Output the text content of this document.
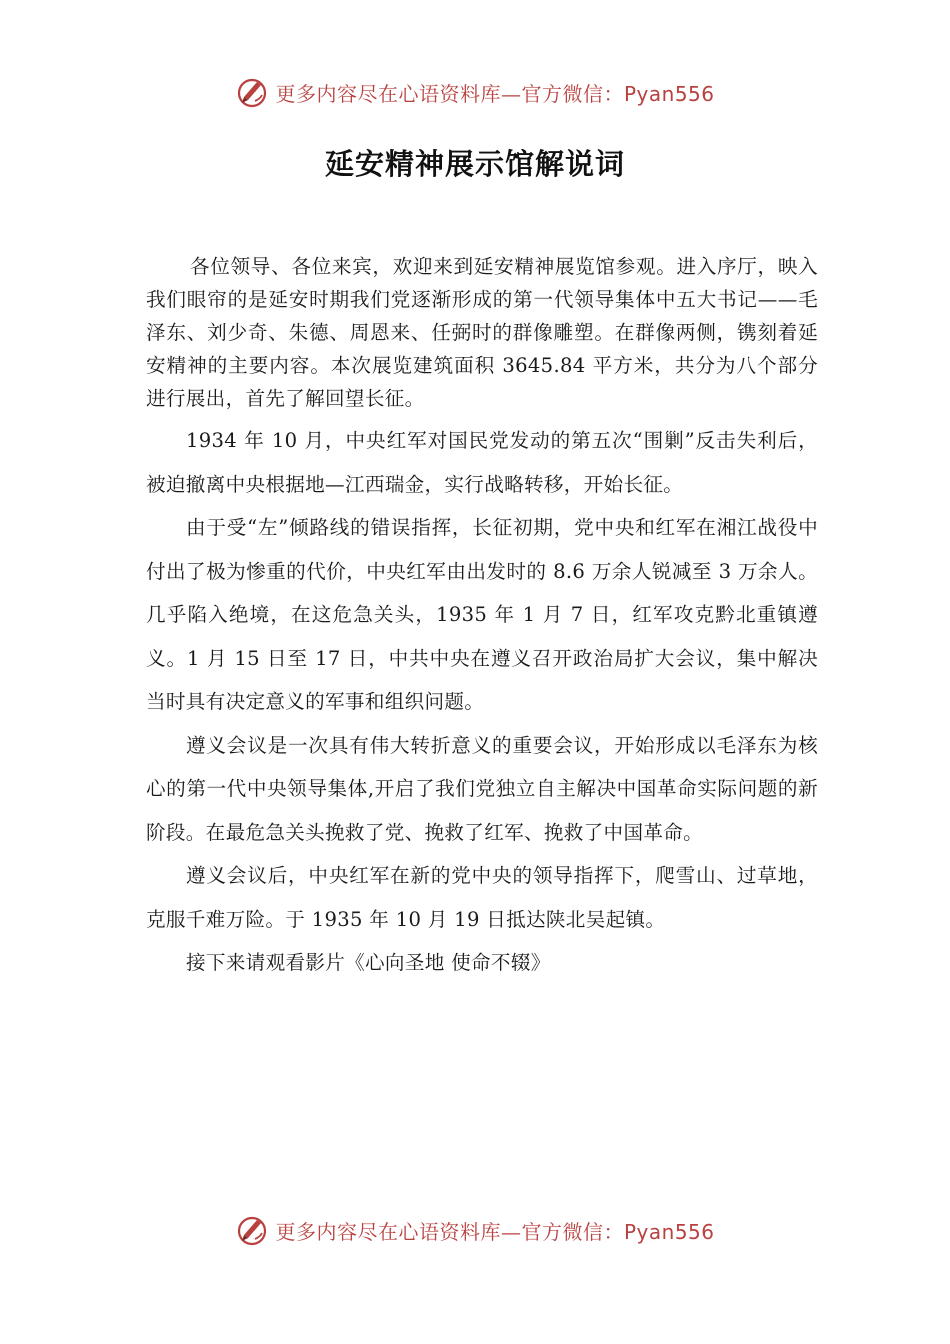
更多内容尽在心语资料库—官方微信：Pyan556
延安精神展示馆解说词

各位领导、各位来宾，欢迎来到延安精神展览馆参观。进入序厅，映入我们眼帘的是延安时期我们党逐渐形成的第一代领导集体中五大书记——毛泽东、刘少奇、朱德、周恩来、任弼时的群像雕塑。在群像两侧，镌刻着延安精神的主要内容。本次展览建筑面积 3645.84 平方米，共分为八个部分进行展出，首先了解回望长征。

1934 年 10 月，中央红军对国民党发动的第五次“围剿”反击失利后，被迫撤离中央根据地—江西瑞金，实行战略转移，开始长征。

由于受“左”倾路线的错误指挥，长征初期，党中央和红军在湘江战役中付出了极为惨重的代价，中央红军由出发时的 8.6 万余人锐减至 3 万余人。几乎陷入绝境，在这危急关头，1935 年 1 月 7 日，红军攻克黔北重镇遵义。1 月 15 日至 17 日，中共中央在遵义召开政治局扩大会议，集中解决当时具有决定意义的军事和组织问题。

遵义会议是一次具有伟大转折意义的重要会议，开始形成以毛泽东为核心的第一代中央领导集体,开启了我们党独立自主解决中国革命实际问题的新阶段。在最危急关头挽救了党、挽救了红军、挽救了中国革命。

遵义会议后，中央红军在新的党中央的领导指挥下，爬雪山、过草地，克服千难万险。于 1935 年 10 月 19 日抵达陕北吴起镇。

接下来请观看影片《心向圣地 使命不辍》

更多内容尽在心语资料库—官方微信：Pyan556
